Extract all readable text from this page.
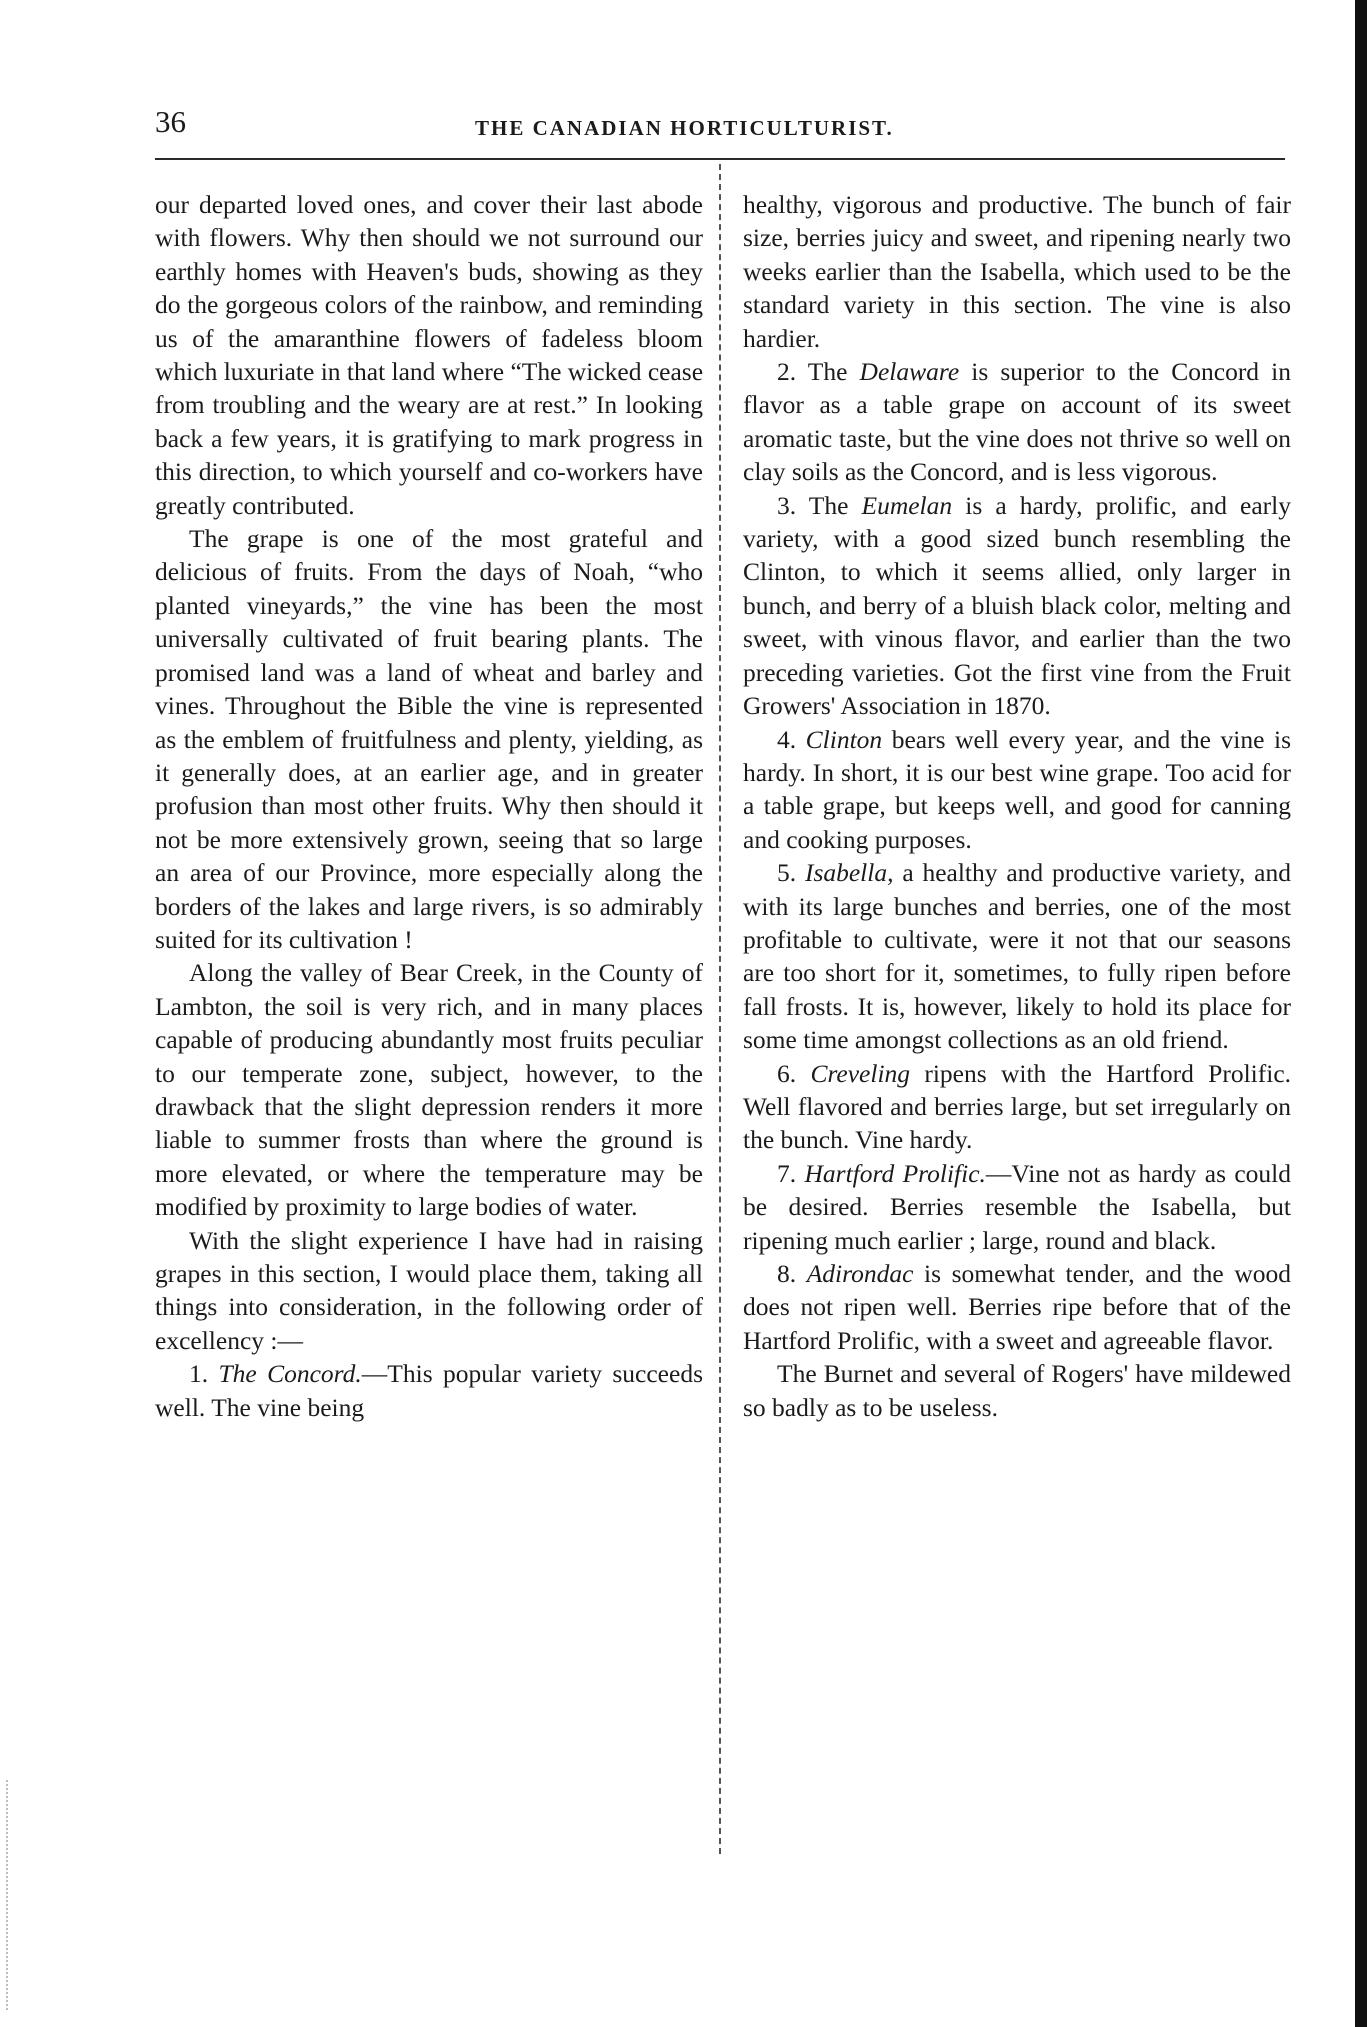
36	THE CANADIAN HORTICULTURIST.

our departed loved ones, and cover their last abode with flowers. Why then should we not surround our earthly homes with Heaven's buds, showing as they do the gorgeous colors of the rainbow, and reminding us of the amaranthine flowers of fadeless bloom which luxuriate in that land where “The wicked cease from troubling and the weary are at rest.” In looking back a few years, it is gratifying to mark progress in this direction, to which yourself and co-workers have greatly contributed.

The grape is one of the most grateful and delicious of fruits. From the days of Noah, “who planted vineyards,” the vine has been the most universally cultivated of fruit bearing plants. The promised land was a land of wheat and barley and vines. Throughout the Bible the vine is represented as the emblem of fruitfulness and plenty, yielding, as it generally does, at an earlier age, and in greater profusion than most other fruits. Why then should it not be more extensively grown, seeing that so large an area of our Province, more especially along the borders of the lakes and large rivers, is so admirably suited for its cultivation !

Along the valley of Bear Creek, in the County of Lambton, the soil is very rich, and in many places capable of producing abundantly most fruits peculiar to our temperate zone, subject, however, to the drawback that the slight depression renders it more liable to summer frosts than where the ground is more elevated, or where the temperature may be modified by proximity to large bodies of water.

With the slight experience I have had in raising grapes in this section, I would place them, taking all things into consideration, in the following order of excellency :—

1. The Concord.—This popular variety succeeds well. The vine being

healthy, vigorous and productive. The bunch of fair size, berries juicy and sweet, and ripening nearly two weeks earlier than the Isabella, which used to be the standard variety in this section. The vine is also hardier.

2. The Delaware is superior to the Concord in flavor as a table grape on account of its sweet aromatic taste, but the vine does not thrive so well on clay soils as the Concord, and is less vigorous.

3. The Eumelan is a hardy, prolific, and early variety, with a good sized bunch resembling the Clinton, to which it seems allied, only larger in bunch, and berry of a bluish black color, melting and sweet, with vinous flavor, and earlier than the two preceding varieties. Got the first vine from the Fruit Growers' Association in 1870.

4. Clinton bears well every year, and the vine is hardy. In short, it is our best wine grape. Too acid for a table grape, but keeps well, and good for canning and cooking purposes.

5. Isabella, a healthy and productive variety, and with its large bunches and berries, one of the most profitable to cultivate, were it not that our seasons are too short for it, sometimes, to fully ripen before fall frosts. It is, however, likely to hold its place for some time amongst collections as an old friend.

6. Creveling ripens with the Hartford Prolific. Well flavored and berries large, but set irregularly on the bunch. Vine hardy.

7. Hartford Prolific.—Vine not as hardy as could be desired. Berries resemble the Isabella, but ripening much earlier ; large, round and black.

8. Adirondac is somewhat tender, and the wood does not ripen well. Berries ripe before that of the Hartford Prolific, with a sweet and agreeable flavor.

The Burnet and several of Rogers' have mildewed so badly as to be useless.
